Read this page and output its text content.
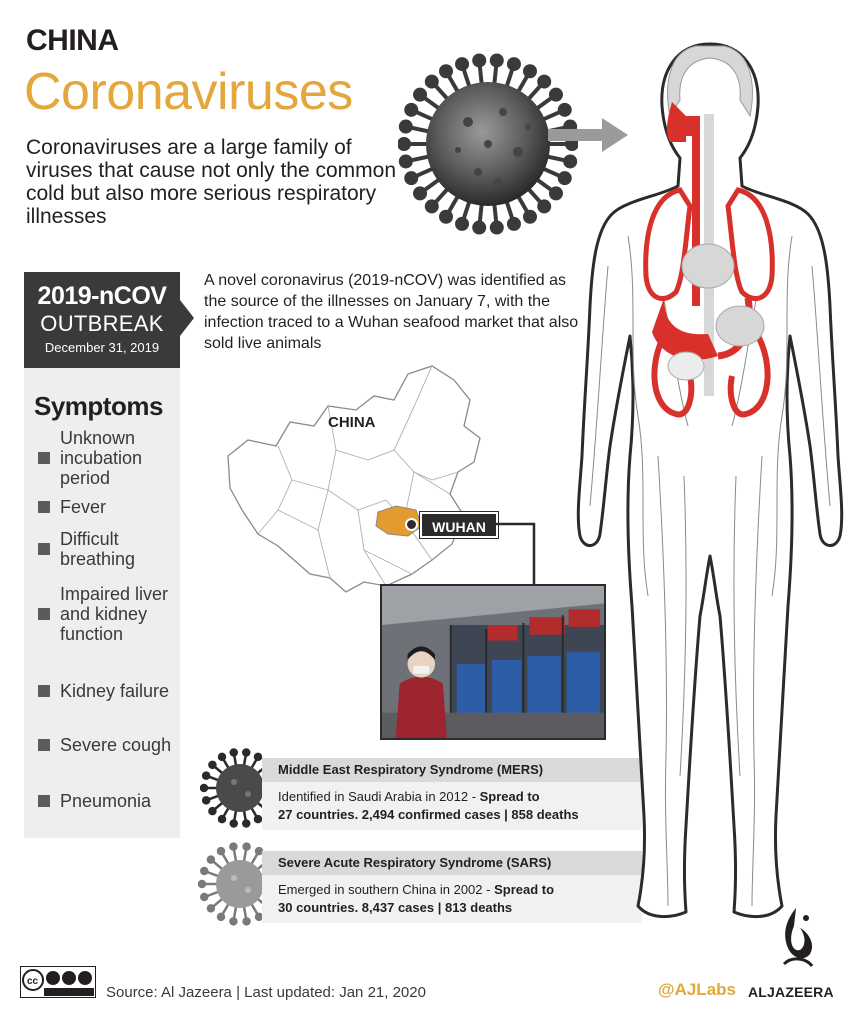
CHINA
Coronaviruses
Coronaviruses are a large family of viruses that cause not only the common cold but also more serious respiratory illnesses
2019-nCOV
OUTBREAK
December 31, 2019
Symptoms
Unknown incubation period
Fever
Difficult breathing
Impaired liver and kidney function
Kidney failure
Severe cough
Pneumonia
A novel coronavirus (2019-nCOV) was identified as the source of the illnesses on January 7, with the infection traced to a Wuhan seafood market that also sold live animals
CHINA
WUHAN
Middle East Respiratory Syndrome (MERS)
Identified in Saudi Arabia in 2012 - Spread to
27 countries. 2,494 confirmed cases | 858 deaths
Severe Acute Respiratory Syndrome (SARS)
Emerged in southern China in 2002 - Spread to
30 countries. 8,437 cases | 813 deaths
cc
Source: Al Jazeera | Last updated: Jan 21, 2020	@AJLabs ALJAZEERA
